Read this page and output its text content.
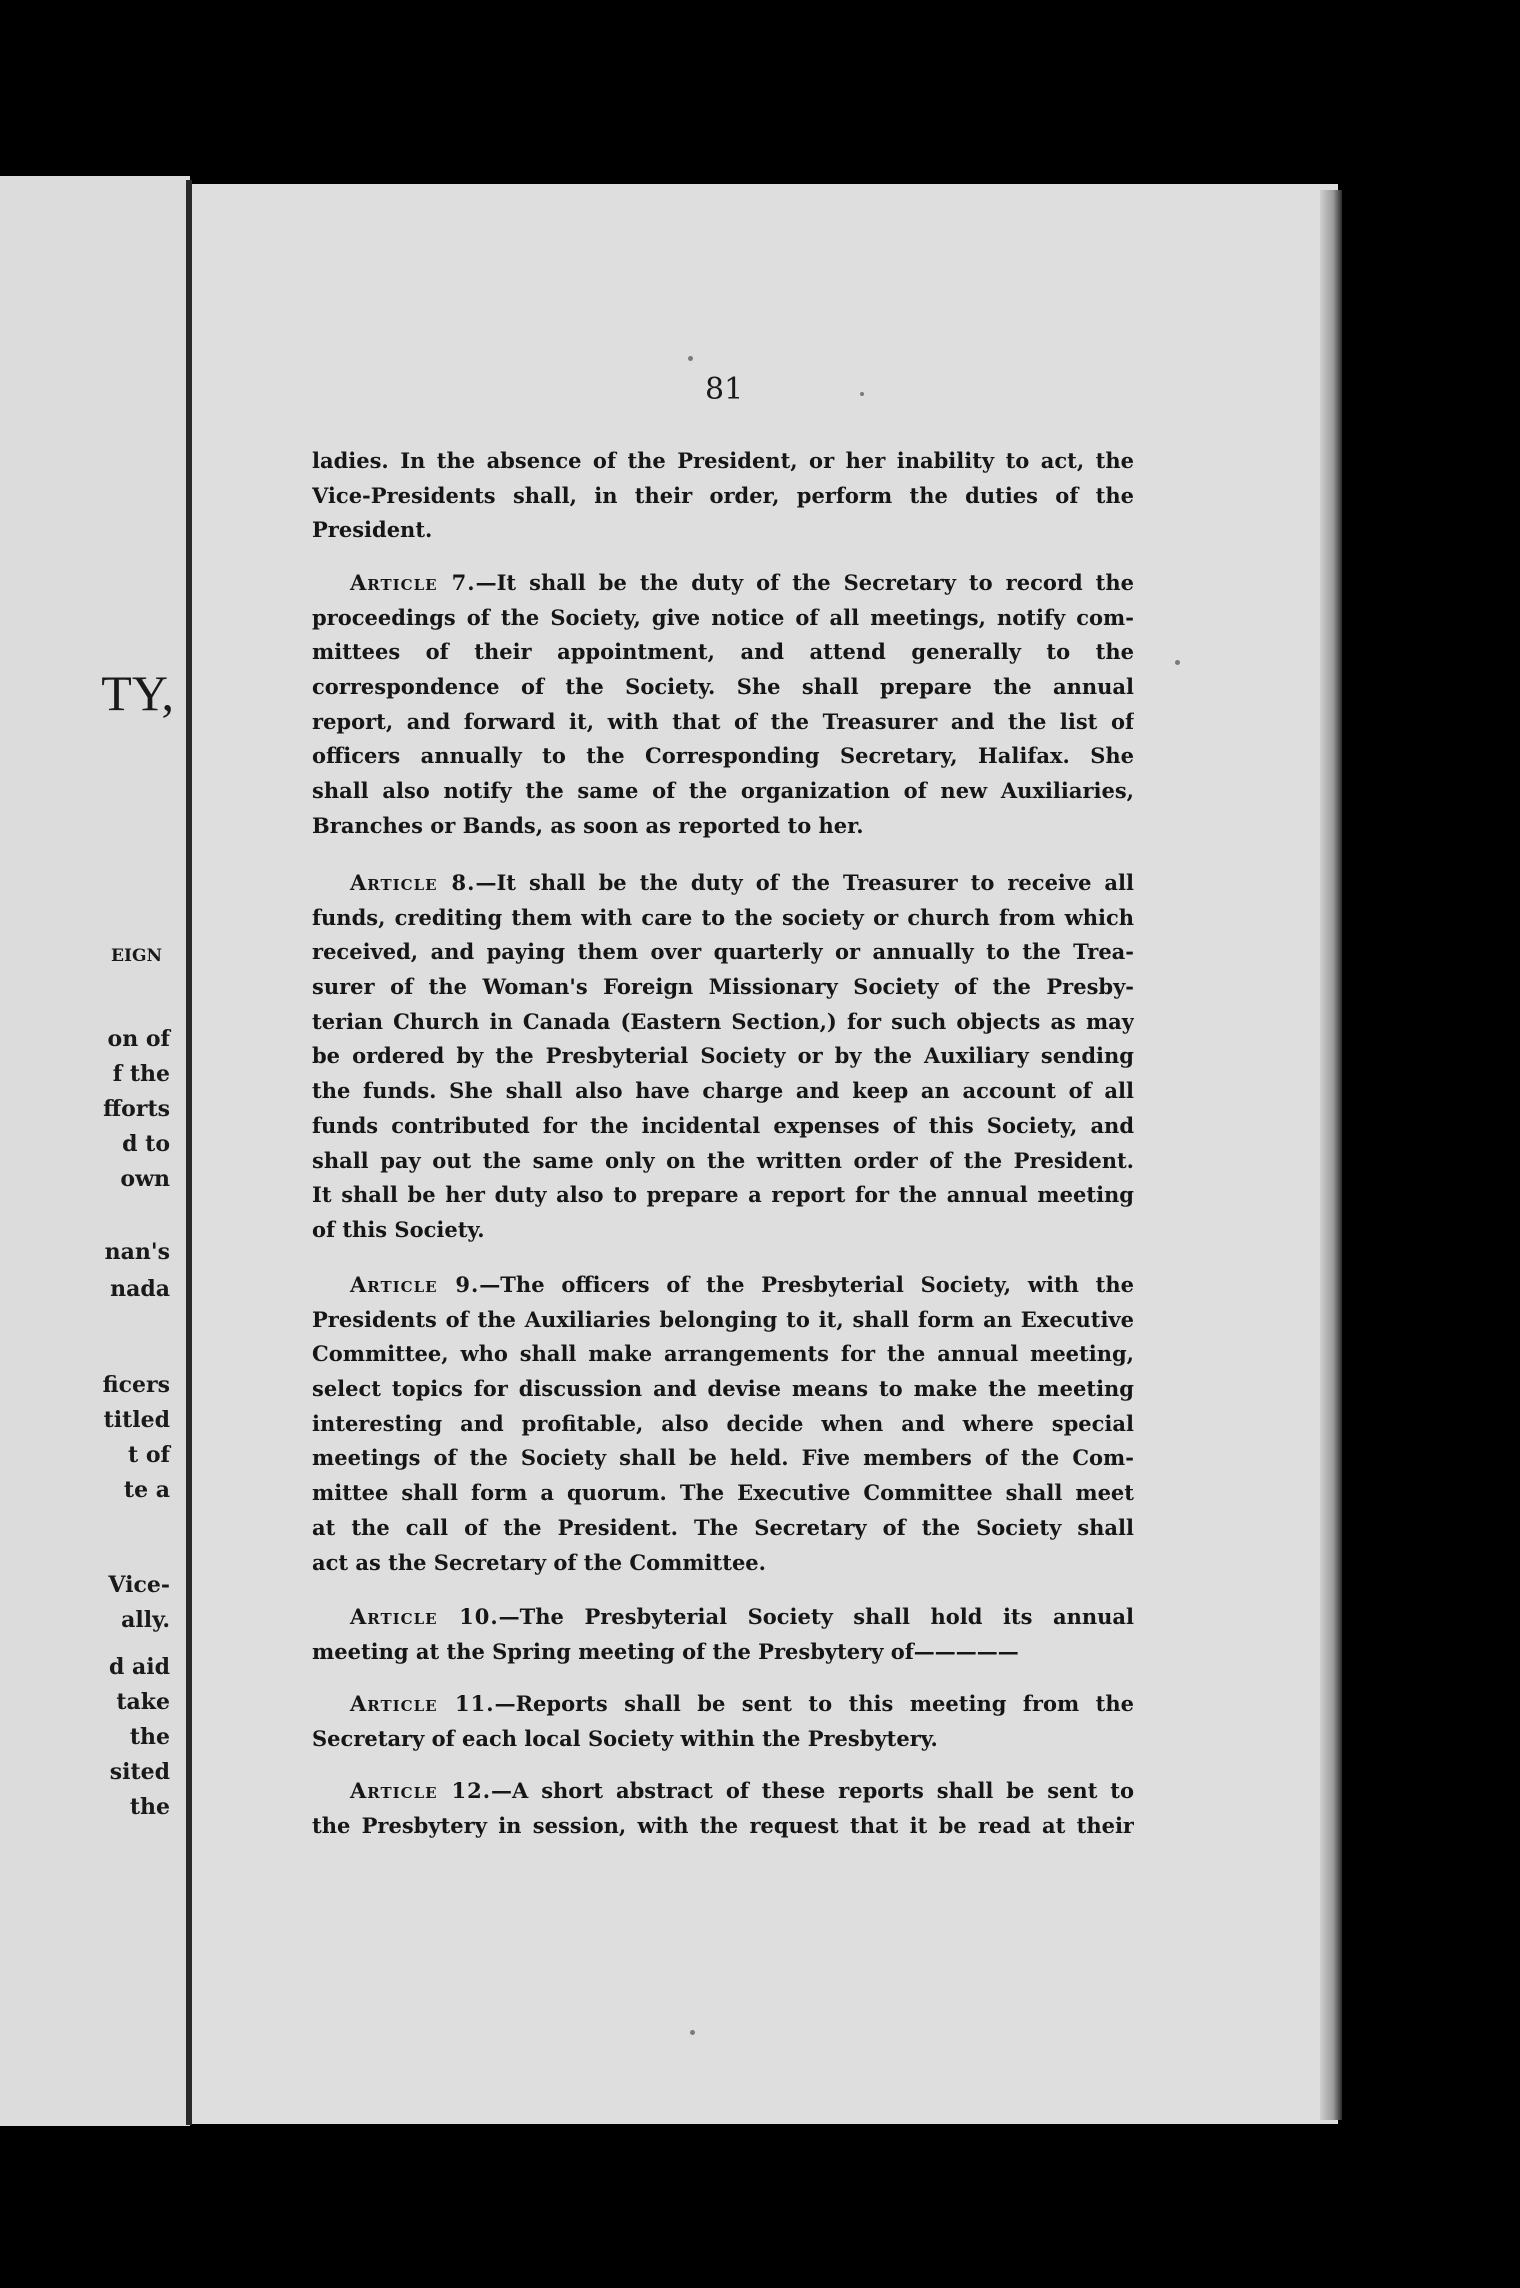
TY,
EIGN
on of
f the
fforts
d to
own
nan's
nada
ficers
titled
t of
te a
Vice-
ally.
d aid
take
the
sited
the
81
ladies. In the absence of the President, or her inability to act, the
Vice-Presidents shall, in their order, perform the duties of the
President.
Article 7.—It shall be the duty of the Secretary to record the
proceedings of the Society, give notice of all meetings, notify com-
mittees of their appointment, and attend generally to the
correspondence of the Society. She shall prepare the annual
report, and forward it, with that of the Treasurer and the list of
officers annually to the Corresponding Secretary, Halifax. She
shall also notify the same of the organization of new Auxiliaries,
Branches or Bands, as soon as reported to her.
Article 8.—It shall be the duty of the Treasurer to receive all
funds, crediting them with care to the society or church from which
received, and paying them over quarterly or annually to the Trea-
surer of the Woman's Foreign Missionary Society of the Presby-
terian Church in Canada (Eastern Section,) for such objects as may
be ordered by the Presbyterial Society or by the Auxiliary sending
the funds. She shall also have charge and keep an account of all
funds contributed for the incidental expenses of this Society, and
shall pay out the same only on the written order of the President.
It shall be her duty also to prepare a report for the annual meeting
of this Society.
Article 9.—The officers of the Presbyterial Society, with the
Presidents of the Auxiliaries belonging to it, shall form an Executive
Committee, who shall make arrangements for the annual meeting,
select topics for discussion and devise means to make the meeting
interesting and profitable, also decide when and where special
meetings of the Society shall be held. Five members of the Com-
mittee shall form a quorum. The Executive Committee shall meet
at the call of the President. The Secretary of the Society shall
act as the Secretary of the Committee.
Article 10.—The Presbyterial Society shall hold its annual
meeting at the Spring meeting of the Presbytery of—————
Article 11.—Reports shall be sent to this meeting from the
Secretary of each local Society within the Presbytery.
Article 12.—A short abstract of these reports shall be sent to
the Presbytery in session, with the request that it be read at their
